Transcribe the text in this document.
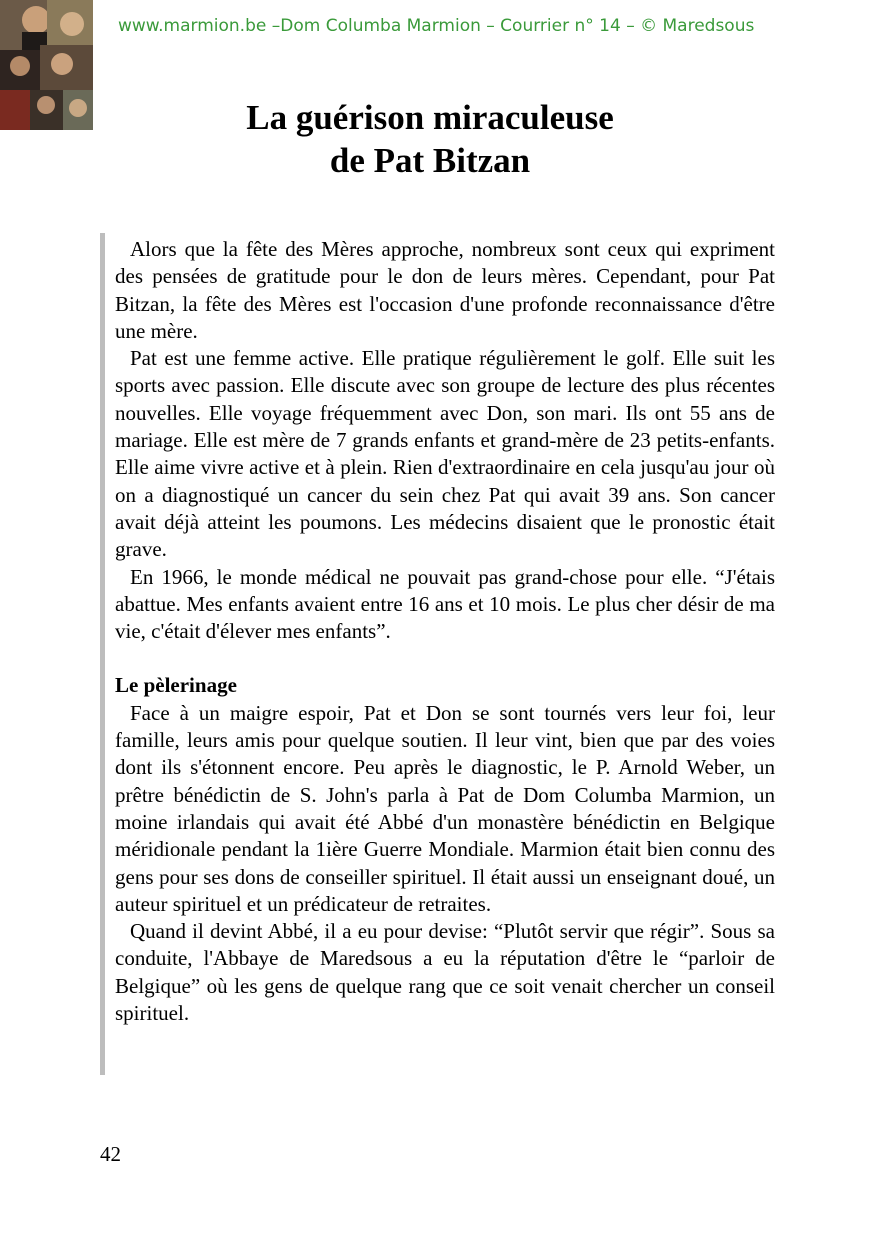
www.marmion.be –Dom Columba Marmion – Courrier n° 14 – © Maredsous
La guérison miraculeuse
de Pat Bitzan

Alors que la fête des Mères approche, nombreux sont ceux qui expriment des pensées de gratitude pour le don de leurs mères. Cependant, pour Pat Bitzan, la fête des Mères est l'occasion d'une profonde reconnaissance d'être une mère.

Pat est une femme active. Elle pratique régulièrement le golf. Elle suit les sports avec passion. Elle discute avec son groupe de lecture des plus récentes nouvelles. Elle voyage fréquemment avec Don, son mari. Ils ont 55 ans de mariage. Elle est mère de 7 grands enfants et grand-mère de 23 petits-enfants. Elle aime vivre active et à plein. Rien d'extraordinaire en cela jusqu'au jour où on a diagnostiqué un cancer du sein chez Pat qui avait 39 ans. Son cancer avait déjà atteint les poumons. Les médecins disaient que le pronostic était grave.

En 1966, le monde médical ne pouvait pas grand-chose pour elle. “J'étais abattue. Mes enfants avaient entre 16 ans et 10 mois. Le plus cher désir de ma vie, c'était d'élever mes enfants”.

Le pèlerinage

Face à un maigre espoir, Pat et Don se sont tournés vers leur foi, leur famille, leurs amis pour quelque soutien. Il leur vint, bien que par des voies dont ils s'étonnent encore. Peu après le diagnostic, le P. Arnold Weber, un prêtre bénédictin de S. John's parla à Pat de Dom Columba Marmion, un moine irlandais qui avait été Abbé d'un monastère bénédictin en Belgique méridionale pendant la 1ière Guerre Mondiale. Marmion était bien connu des gens pour ses dons de conseiller spirituel. Il était aussi un enseignant doué, un auteur spirituel et un prédicateur de retraites.

Quand il devint Abbé, il a eu pour devise: “Plutôt servir que régir”. Sous sa conduite, l'Abbaye de Maredsous a eu la réputation d'être le “parloir de Belgique” où les gens de quelque rang que ce soit venait chercher un conseil spirituel.

42
